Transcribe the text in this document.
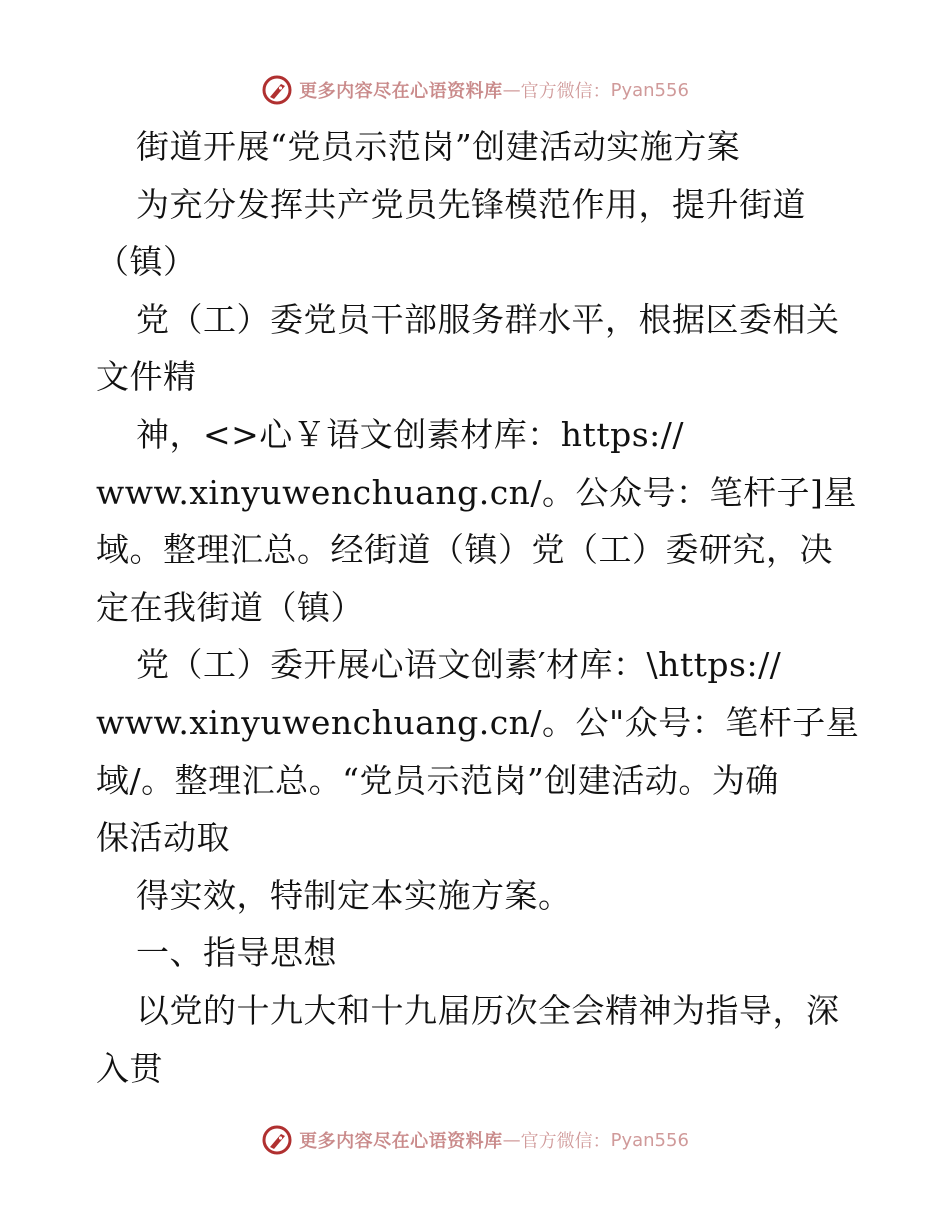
更多内容尽在心语资料库 — 官方微信： Pyan556
街道开展“党员示范岗”创建活动实施方案
为充分发挥共产党员先锋模范作用，提升街道
（镇）
党（工）委党员干部服务群水平，根据区委相关
文件精
神，<>心￥语文创素材库：https://
www.xinyuwenchuang.cn/。公众号：笔杆子]星
域。整理汇总。经街道（镇）党（工）委研究，决
定在我街道（镇）
党（工）委开展心语文创素′材库：\https://
www.xinyuwenchuang.cn/。公"众号：笔杆子星
域/。整理汇总。“党员示范岗”创建活动。为确
保活动取
得实效，特制定本实施方案。
一、指导思想
以党的十九大和十九届历次全会精神为指导，深
入贯
更多内容尽在心语资料库 — 官方微信： Pyan556
